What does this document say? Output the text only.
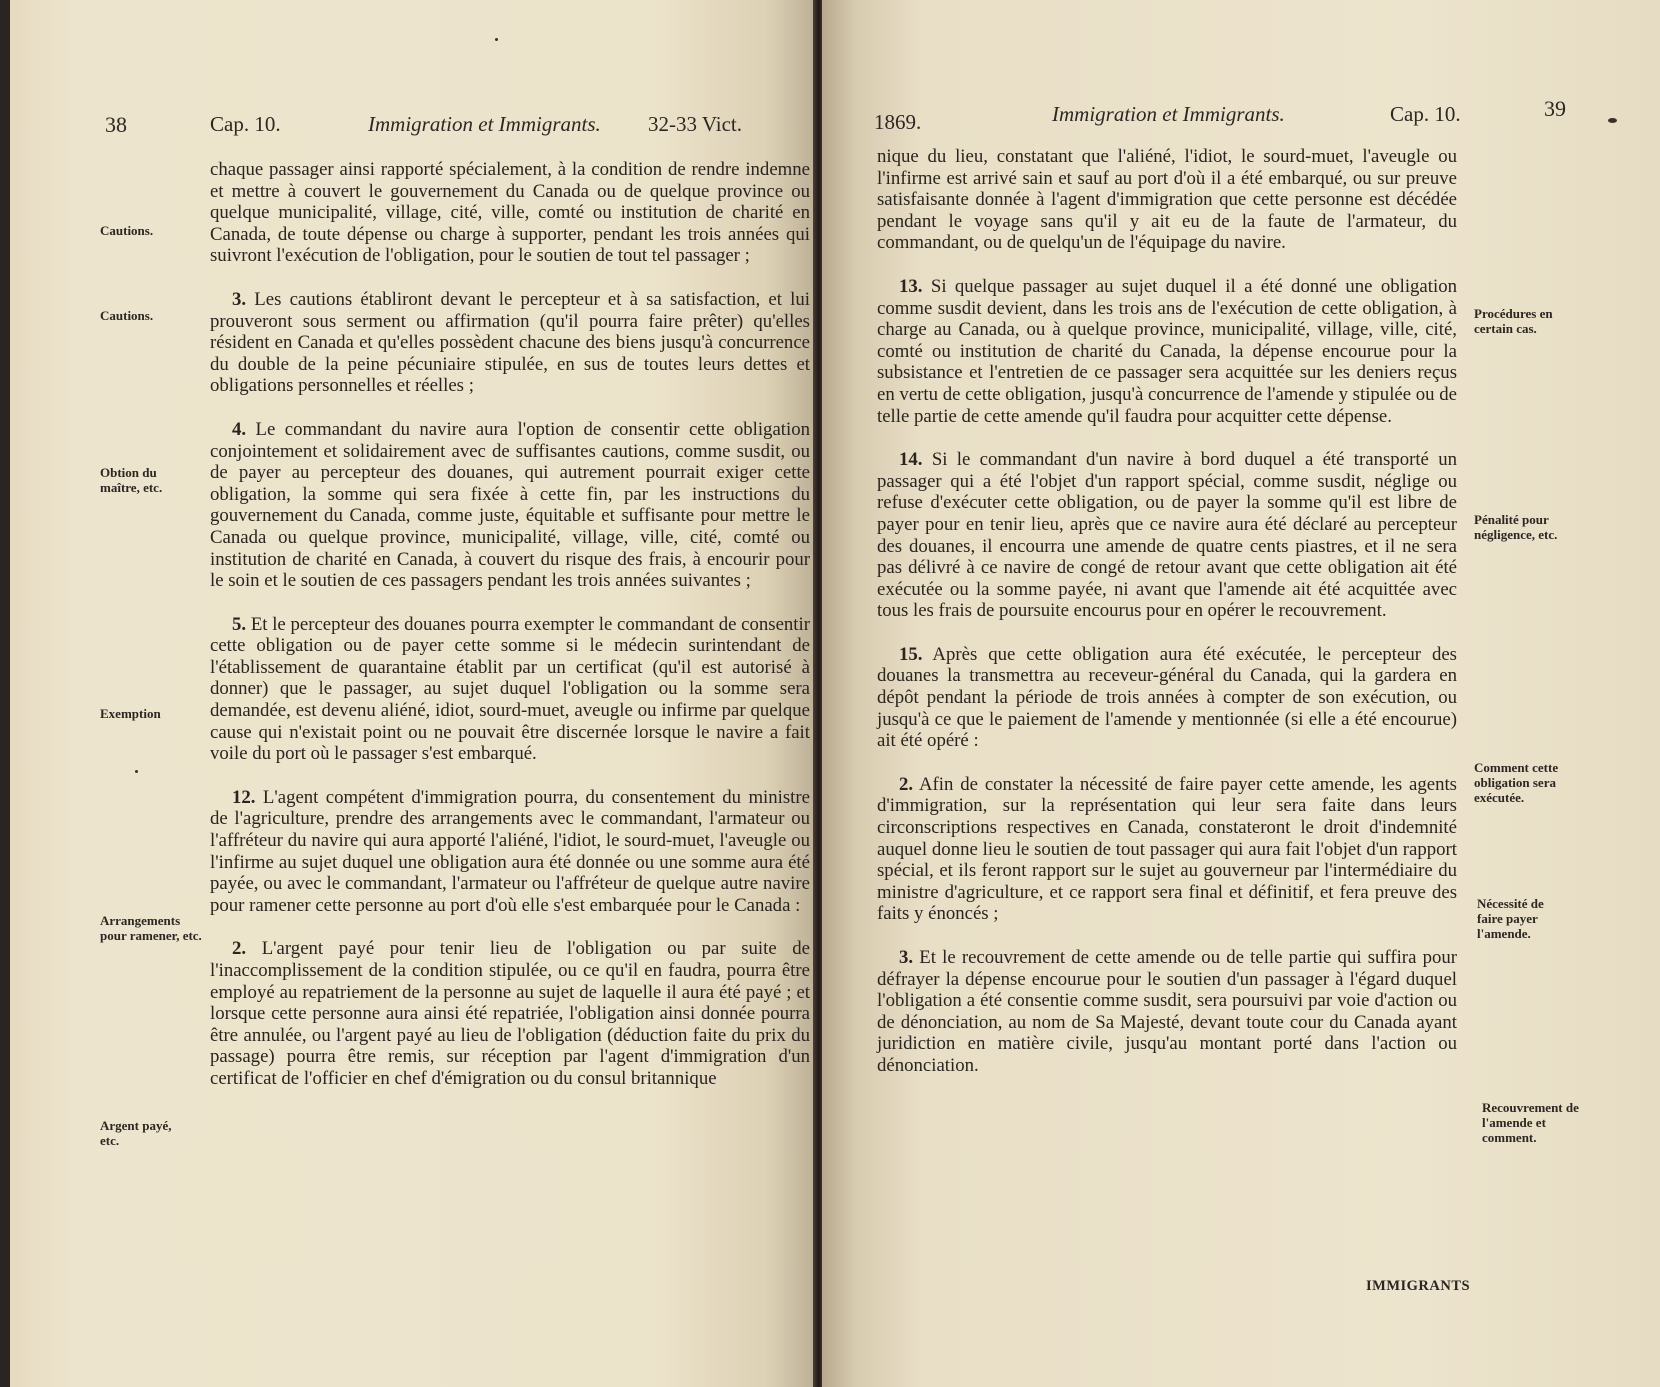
38	Cap. 10.	Immigration et Immigrants. 32-33 Vict.
Cautions.
Cautions.
Obtion du maître, etc.
Exemption
Arrangements pour ramener, etc.
Argent payé, etc.

chaque passager ainsi rapporté spécialement, à la condition de rendre indemne et mettre à couvert le gouvernement du Canada ou de quelque province ou quelque municipalité, village, cité, ville, comté ou institution de charité en Canada, de toute dépense ou charge à supporter, pendant les trois années qui suivront l'exécution de l'obligation, pour le soutien de tout tel passager ;

3. Les cautions établiront devant le percepteur et à sa satisfaction, et lui prouveront sous serment ou affirmation (qu'il pourra faire prêter) qu'elles résident en Canada et qu'elles possèdent chacune des biens jusqu'à concurrence du double de la peine pécuniaire stipulée, en sus de toutes leurs dettes et obligations personnelles et réelles ;

4. Le commandant du navire aura l'option de consentir cette obligation conjointement et solidairement avec de suffisantes cautions, comme susdit, ou de payer au percepteur des douanes, qui autrement pourrait exiger cette obligation, la somme qui sera fixée à cette fin, par les instructions du gouvernement du Canada, comme juste, équitable et suffisante pour mettre le Canada ou quelque province, municipalité, village, ville, cité, comté ou institution de charité en Canada, à couvert du risque des frais, à encourir pour le soin et le soutien de ces passagers pendant les trois années suivantes ;

5. Et le percepteur des douanes pourra exempter le commandant de consentir cette obligation ou de payer cette somme si le médecin surintendant de l'établissement de quarantaine établit par un certificat (qu'il est autorisé à donner) que le passager, au sujet duquel l'obligation ou la somme sera demandée, est devenu aliéné, idiot, sourd-muet, aveugle ou infirme par quelque cause qui n'existait point ou ne pouvait être discernée lorsque le navire a fait voile du port où le passager s'est embarqué.

12. L'agent compétent d'immigration pourra, du consentement du ministre de l'agriculture, prendre des arrangements avec le commandant, l'armateur ou l'affréteur du navire qui aura apporté l'aliéné, l'idiot, le sourd-muet, l'aveugle ou l'infirme au sujet duquel une obligation aura été donnée ou une somme aura été payée, ou avec le commandant, l'armateur ou l'affréteur de quelque autre navire pour ramener cette personne au port d'où elle s'est embarquée pour le Canada :

2. L'argent payé pour tenir lieu de l'obligation ou par suite de l'inaccomplissement de la condition stipulée, ou ce qu'il en faudra, pourra être employé au repatriement de la personne au sujet de laquelle il aura été payé ; et lorsque cette personne aura ainsi été repatriée, l'obligation ainsi donnée pourra être annulée, ou l'argent payé au lieu de l'obligation (déduction faite du prix du passage) pourra être remis, sur réception par l'agent d'immigration d'un certificat de l'officier en chef d'émigration ou du consul britannique

1869.	Immigration et Immigrants.	Cap. 10.	39
Procédures en certain cas.
Pénalité pour négligence, etc.
Comment cette obligation sera exécutée.
Nécessité de faire payer l'amende.
Recouvrement de l'amende et comment.

nique du lieu, constatant que l'aliéné, l'idiot, le sourd-muet, l'aveugle ou l'infirme est arrivé sain et sauf au port d'où il a été embarqué, ou sur preuve satisfaisante donnée à l'agent d'immigration que cette personne est décédée pendant le voyage sans qu'il y ait eu de la faute de l'armateur, du commandant, ou de quelqu'un de l'équipage du navire.

13. Si quelque passager au sujet duquel il a été donné une obligation comme susdit devient, dans les trois ans de l'exécution de cette obligation, à charge au Canada, ou à quelque province, municipalité, village, ville, cité, comté ou institution de charité du Canada, la dépense encourue pour la subsistance et l'entretien de ce passager sera acquittée sur les deniers reçus en vertu de cette obligation, jusqu'à concurrence de l'amende y stipulée ou de telle partie de cette amende qu'il faudra pour acquitter cette dépense.

14. Si le commandant d'un navire à bord duquel a été transporté un passager qui a été l'objet d'un rapport spécial, comme susdit, néglige ou refuse d'exécuter cette obligation, ou de payer la somme qu'il est libre de payer pour en tenir lieu, après que ce navire aura été déclaré au percepteur des douanes, il encourra une amende de quatre cents piastres, et il ne sera pas délivré à ce navire de congé de retour avant que cette obligation ait été exécutée ou la somme payée, ni avant que l'amende ait été acquittée avec tous les frais de poursuite encourus pour en opérer le recouvrement.

15. Après que cette obligation aura été exécutée, le percepteur des douanes la transmettra au receveur-général du Canada, qui la gardera en dépôt pendant la période de trois années à compter de son exécution, ou jusqu'à ce que le paiement de l'amende y mentionnée (si elle a été encourue) ait été opéré :

2. Afin de constater la nécessité de faire payer cette amende, les agents d'immigration, sur la représentation qui leur sera faite dans leurs circonscriptions respectives en Canada, constateront le droit d'indemnité auquel donne lieu le soutien de tout passager qui aura fait l'objet d'un rapport spécial, et ils feront rapport sur le sujet au gouverneur par l'intermédiaire du ministre d'agriculture, et ce rapport sera final et définitif, et fera preuve des faits y énoncés ;

3. Et le recouvrement de cette amende ou de telle partie qui suffira pour défrayer la dépense encourue pour le soutien d'un passager à l'égard duquel l'obligation a été consentie comme susdit, sera poursuivi par voie d'action ou de dénonciation, au nom de Sa Majesté, devant toute cour du Canada ayant juridiction en matière civile, jusqu'au montant porté dans l'action ou dénonciation.

IMMIGRANTS
